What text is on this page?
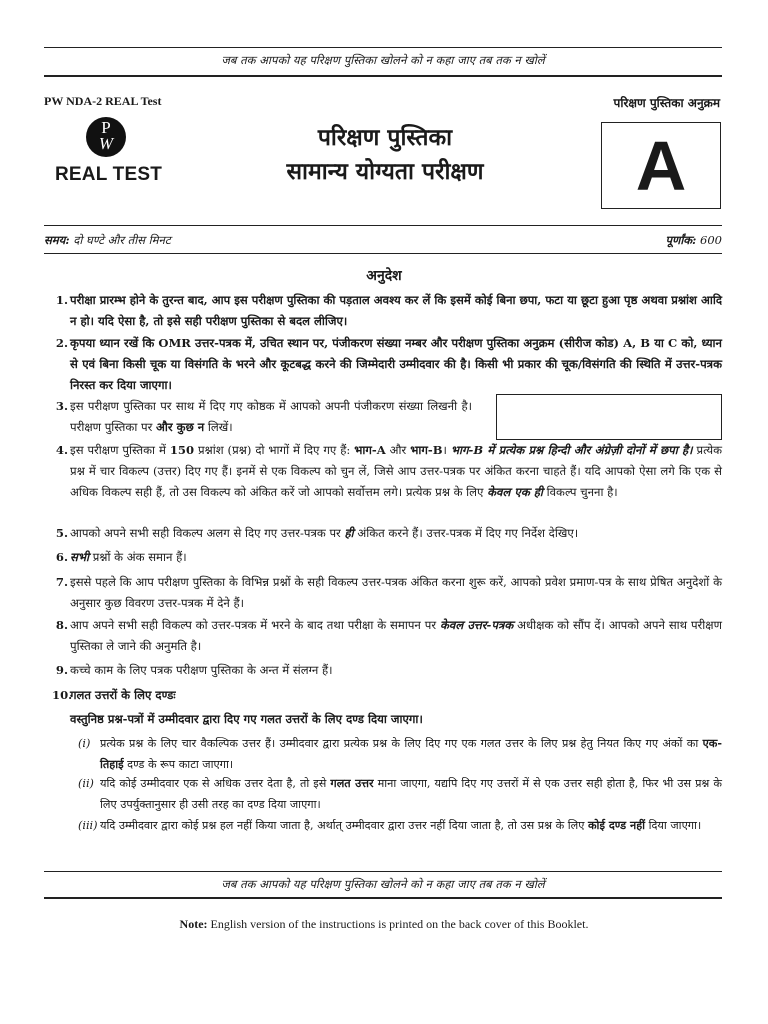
जब तक आपको यह परिक्षण पुस्तिका खोलने को न कहा जाए तब तक न खोलें
PW NDA-2 REAL Test	परिक्षण पुस्तिका अनुक्रम
P
W
REAL TEST
परिक्षण पुस्तिका
सामान्य योग्यता परीक्षण	A
समय: दो घण्टे और तीस मिनट	पूर्णांक: 600
अनुदेश
1. परीक्षा प्रारम्भ होने के तुरन्त बाद, आप इस परीक्षण पुस्तिका की पड़ताल अवश्य कर लें कि इसमें कोई बिना छपा, फटा या छूटा हुआ पृष्ठ अथवा प्रश्नांश आदि न हो। यदि ऐसा है, तो इसे सही परीक्षण पुस्तिका से बदल लीजिए।
2. कृपया ध्यान रखें कि OMR उत्तर-पत्रक में, उचित स्थान पर, पंजीकरण संख्या नम्बर और परीक्षण पुस्तिका अनुक्रम (सीरीज कोड) A, B या C को, ध्यान से एवं बिना किसी चूक या विसंगति के भरने और कूटबद्ध करने की जिम्मेदारी उम्मीदवार की है। किसी भी प्रकार की चूक/विसंगति की स्थिति में उत्तर-पत्रक निरस्त कर दिया जाएगा।
3. इस परीक्षण पुस्तिका पर साथ में दिए गए कोष्ठक में आपको अपनी पंजीकरण संख्या लिखनी है। परीक्षण पुस्तिका पर और कुछ न लिखें।
4. इस परीक्षण पुस्तिका में 150 प्रश्नांश (प्रश्न) दो भागों में दिए गए हैं: भाग-A और भाग-B। भाग-B में प्रत्येक प्रश्न हिन्दी और अंग्रेज़ी दोनों में छपा है। प्रत्येक प्रश्न में चार विकल्प (उत्तर) दिए गए हैं। इनमें से एक विकल्प को चुन लें, जिसे आप उत्तर-पत्रक पर अंकित करना चाहते हैं। यदि आपको ऐसा लगे कि एक से अधिक विकल्प सही हैं, तो उस विकल्प को अंकित करें जो आपको सर्वोत्तम लगे। प्रत्येक प्रश्न के लिए केवल एक ही विकल्प चुनना है।
5. आपको अपने सभी सही विकल्प अलग से दिए गए उत्तर-पत्रक पर ही अंकित करने हैं। उत्तर-पत्रक में दिए गए निर्देश देखिए।
6. सभी प्रश्नों के अंक समान हैं।
7. इससे पहले कि आप परीक्षण पुस्तिका के विभिन्न प्रश्नों के सही विकल्प उत्तर-पत्रक अंकित करना शुरू करें, आपको प्रवेश प्रमाण-पत्र के साथ प्रेषित अनुदेशों के अनुसार कुछ विवरण उत्तर-पत्रक में देने हैं।
8. आप अपने सभी सही विकल्प को उत्तर-पत्रक में भरने के बाद तथा परीक्षा के समापन पर केवल उत्तर-पत्रक अधीक्षक को सौंप दें। आपको अपने साथ परीक्षण पुस्तिका ले जाने की अनुमति है।
9. कच्चे काम के लिए पत्रक परीक्षण पुस्तिका के अन्त में संलग्न हैं।
10.
गलत उत्तरों के लिए दण्डः
वस्तुनिष्ठ प्रश्न-पत्रों में उम्मीदवार द्वारा दिए गए गलत उत्तरों के लिए दण्ड दिया जाएगा।
(i) प्रत्येक प्रश्न के लिए चार वैकल्पिक उत्तर हैं। उम्मीदवार द्वारा प्रत्येक प्रश्न के लिए दिए गए एक गलत उत्तर के लिए प्रश्न हेतु नियत किए गए अंकों का एक-तिहाई दण्ड के रूप काटा जाएगा।
(ii) यदि कोई उम्मीदवार एक से अधिक उत्तर देता है, तो इसे गलत उत्तर माना जाएगा, यद्यपि दिए गए उत्तरों में से एक उत्तर सही होता है, फिर भी उस प्रश्न के लिए उपर्युक्तानुसार ही उसी तरह का दण्ड दिया जाएगा।
(iii) यदि उम्मीदवार द्वारा कोई प्रश्न हल नहीं किया जाता है, अर्थात् उम्मीदवार द्वारा उत्तर नहीं दिया जाता है, तो उस प्रश्न के लिए कोई दण्ड नहीं दिया जाएगा।
जब तक आपको यह परिक्षण पुस्तिका खोलने को न कहा जाए तब तक न खोलें
Note: English version of the instructions is printed on the back cover of this Booklet.
